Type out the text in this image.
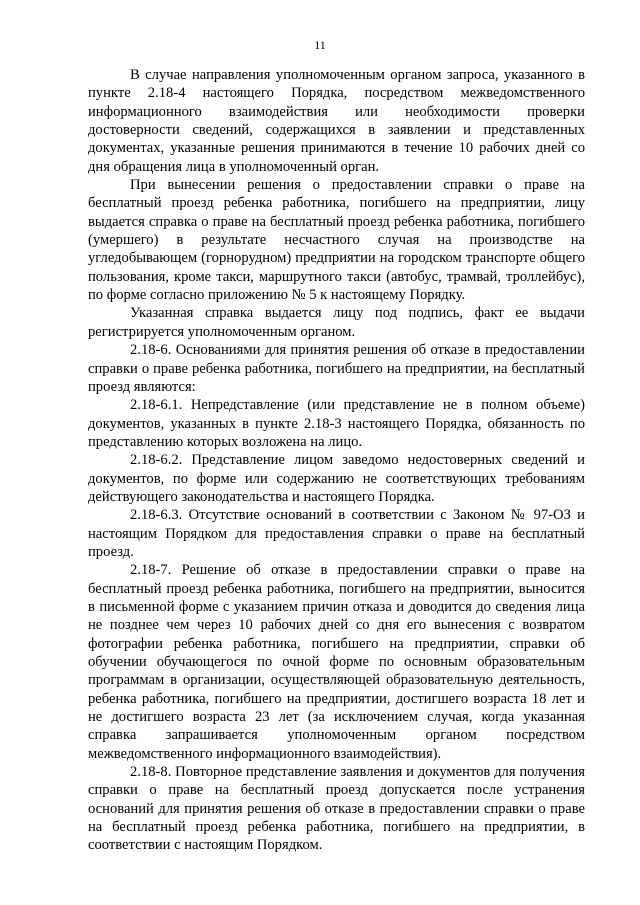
11

В случае направления уполномоченным органом запроса, указанного в пункте 2.18-4 настоящего Порядка, посредством межведомственного информационного взаимодействия или необходимости проверки достоверности сведений, содержащихся в заявлении и представленных документах, указанные решения принимаются в течение 10 рабочих дней со дня обращения лица в уполномоченный орган.

При вынесении решения о предоставлении справки о праве на бесплатный проезд ребенка работника, погибшего на предприятии, лицу выдается справка о праве на бесплатный проезд ребенка работника, погибшего (умершего) в результате несчастного случая на производстве на угледобывающем (горнорудном) предприятии на городском транспорте общего пользования, кроме такси, маршрутного такси (автобус, трамвай, троллейбус), по форме согласно приложению № 5 к настоящему Порядку.

Указанная справка выдается лицу под подпись, факт ее выдачи регистрируется уполномоченным органом.

2.18-6. Основаниями для принятия решения об отказе в предоставлении справки о праве ребенка работника, погибшего на предприятии, на бесплатный проезд являются:

2.18-6.1. Непредставление (или представление не в полном объеме) документов, указанных в пункте 2.18-3 настоящего Порядка, обязанность по представлению которых возложена на лицо.

2.18-6.2. Представление лицом заведомо недостоверных сведений и документов, по форме или содержанию не соответствующих требованиям действующего законодательства и настоящего Порядка.

2.18-6.3. Отсутствие оснований в соответствии с Законом № 97-ОЗ и настоящим Порядком для предоставления справки о праве на бесплатный проезд.

2.18-7. Решение об отказе в предоставлении справки о праве на бесплатный проезд ребенка работника, погибшего на предприятии, выносится в письменной форме с указанием причин отказа и доводится до сведения лица не позднее чем через 10 рабочих дней со дня его вынесения с возвратом фотографии ребенка работника, погибшего на предприятии, справки об обучении обучающегося по очной форме по основным образовательным программам в организации, осуществляющей образовательную деятельность, ребенка работника, погибшего на предприятии, достигшего возраста 18 лет и не достигшего возраста 23 лет (за исключением случая, когда указанная справка запрашивается уполномоченным органом посредством межведомственного информационного взаимодействия).

2.18-8. Повторное представление заявления и документов для получения справки о праве на бесплатный проезд допускается после устранения оснований для принятия решения об отказе в предоставлении справки о праве на бесплатный проезд ребенка работника, погибшего на предприятии, в соответствии с настоящим Порядком.
